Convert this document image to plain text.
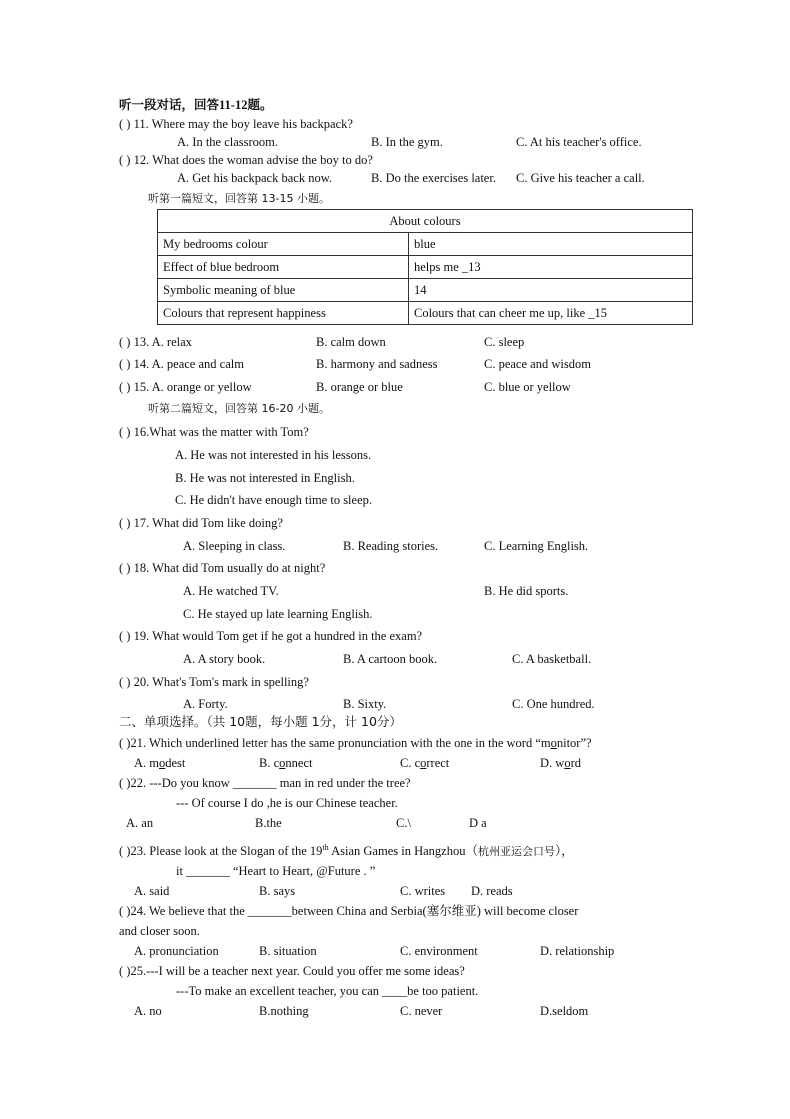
听一段对话，回答11-12题。
( ) 11. Where may the boy leave his backpack?
A. In the classroom.	B. In the gym.	C. At his teacher's office.
( ) 12. What does the woman advise the boy to do?
A. Get his backpack back now.	B. Do the exercises later. C. Give his teacher a call.
听第一篇短文，回答第 13-15 小题。
About colours	
My bedrooms colour	blue
Effect of blue bedroom	helps me _13
Symbolic meaning of blue	14
Colours that represent happiness	Colours that can cheer me up, like _15
( ) 13. A. relax	B. calm down	C. sleep
( ) 14. A. peace and calm	B. harmony and sadness	C. peace and wisdom
( ) 15. A. orange or yellow	B. orange or blue	C. blue or yellow
听第二篇短文，回答第 16-20 小题。
( ) 16.What was the matter with Tom?
A. He was not interested in his lessons.
B. He was not interested in English.
C. He didn't have enough time to sleep.
( ) 17. What did Tom like doing?
A. Sleeping in class.	B. Reading stories.	C. Learning English.
( ) 18. What did Tom usually do at night?
A. He watched TV.	B. He did sports.
C. He stayed up late learning English.
( ) 19. What would Tom get if he got a hundred in the exam?
A. A story book.	B. A cartoon book.	C. A basketball.
( ) 20. What's Tom's mark in spelling?
A. Forty.	B. Sixty.	C. One hundred.
二、单项选择。（共 10题，每小题 1分，计 10分）
( )21. Which underlined letter has the same pronunciation with the one in the word “monitor”?
A. modest	B. connect	C. correct	D. word
( )22. ---Do you know _______ man in red under the tree?
--- Of course I do ,he is our Chinese teacher.
A. an	B.the	C.\	D a
( )23. Please look at the Slogan of the 19th Asian Games in Hangzhou（杭州亚运会口号），
it _______ “Heart to Heart, @Future . ”
A. said	B. says	C. writes D. reads
( )24. We believe that the _______between China and Serbia(塞尔维亚) will become closer
and closer soon.
A. pronunciation	B. situation	C. environment	D. relationship
( )25.---I will be a teacher next year. Could you offer me some ideas?
---To make an excellent teacher, you can ____be too patient.
A. no	B.nothing	C. never	D.seldom
